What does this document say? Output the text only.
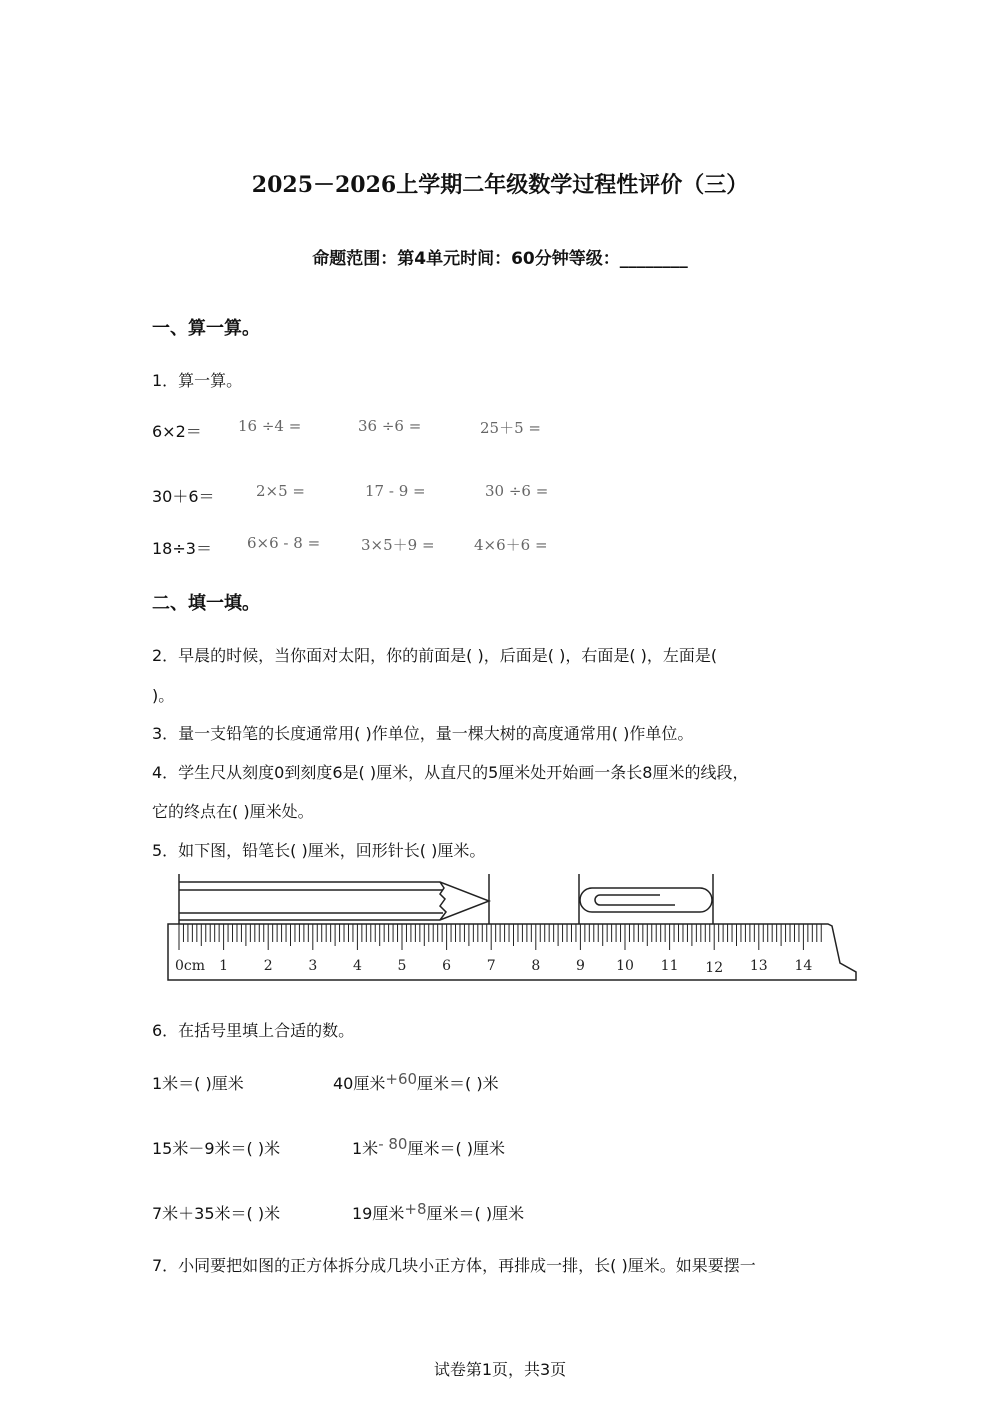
2025－2026上学期二年级数学过程性评价（三）
命题范围：第4单元时间：60分钟等级：________
一、算一算。
1．算一算。
6×2＝ 16 ÷4 =	36 ÷6 =	25＋5 =
30＋6＝	2×5 =	17 - 9 =	30 ÷6 =
18÷3＝ 6×6 - 8 =	3×5＋9 =	4×6＋6 =
二、填一填。
2．早晨的时候，当你面对太阳，你的前面是( )，后面是( )，右面是( )，左面是(
)。
3．量一支铅笔的长度通常用( )作单位，量一棵大树的高度通常用( )作单位。
4．学生尺从刻度0到刻度6是( )厘米，从直尺的5厘米处开始画一条长8厘米的线段，
它的终点在( )厘米处。
5．如下图，铅笔长( )厘米，回形针长( )厘米。
0cm 1	2	3	4	5	6	7	8	9 10 11 12 13 14
6．在括号里填上合适的数。
1米＝( )厘米	40厘米+60厘米＝( )米
15米－9米＝( )米	1米- 80厘米＝( )厘米
7米＋35米＝( )米	19厘米+8厘米＝( )厘米
7．小同要把如图的正方体拆分成几块小正方体，再排成一排，长( )厘米。如果要摆一
试卷第1页，共3页
